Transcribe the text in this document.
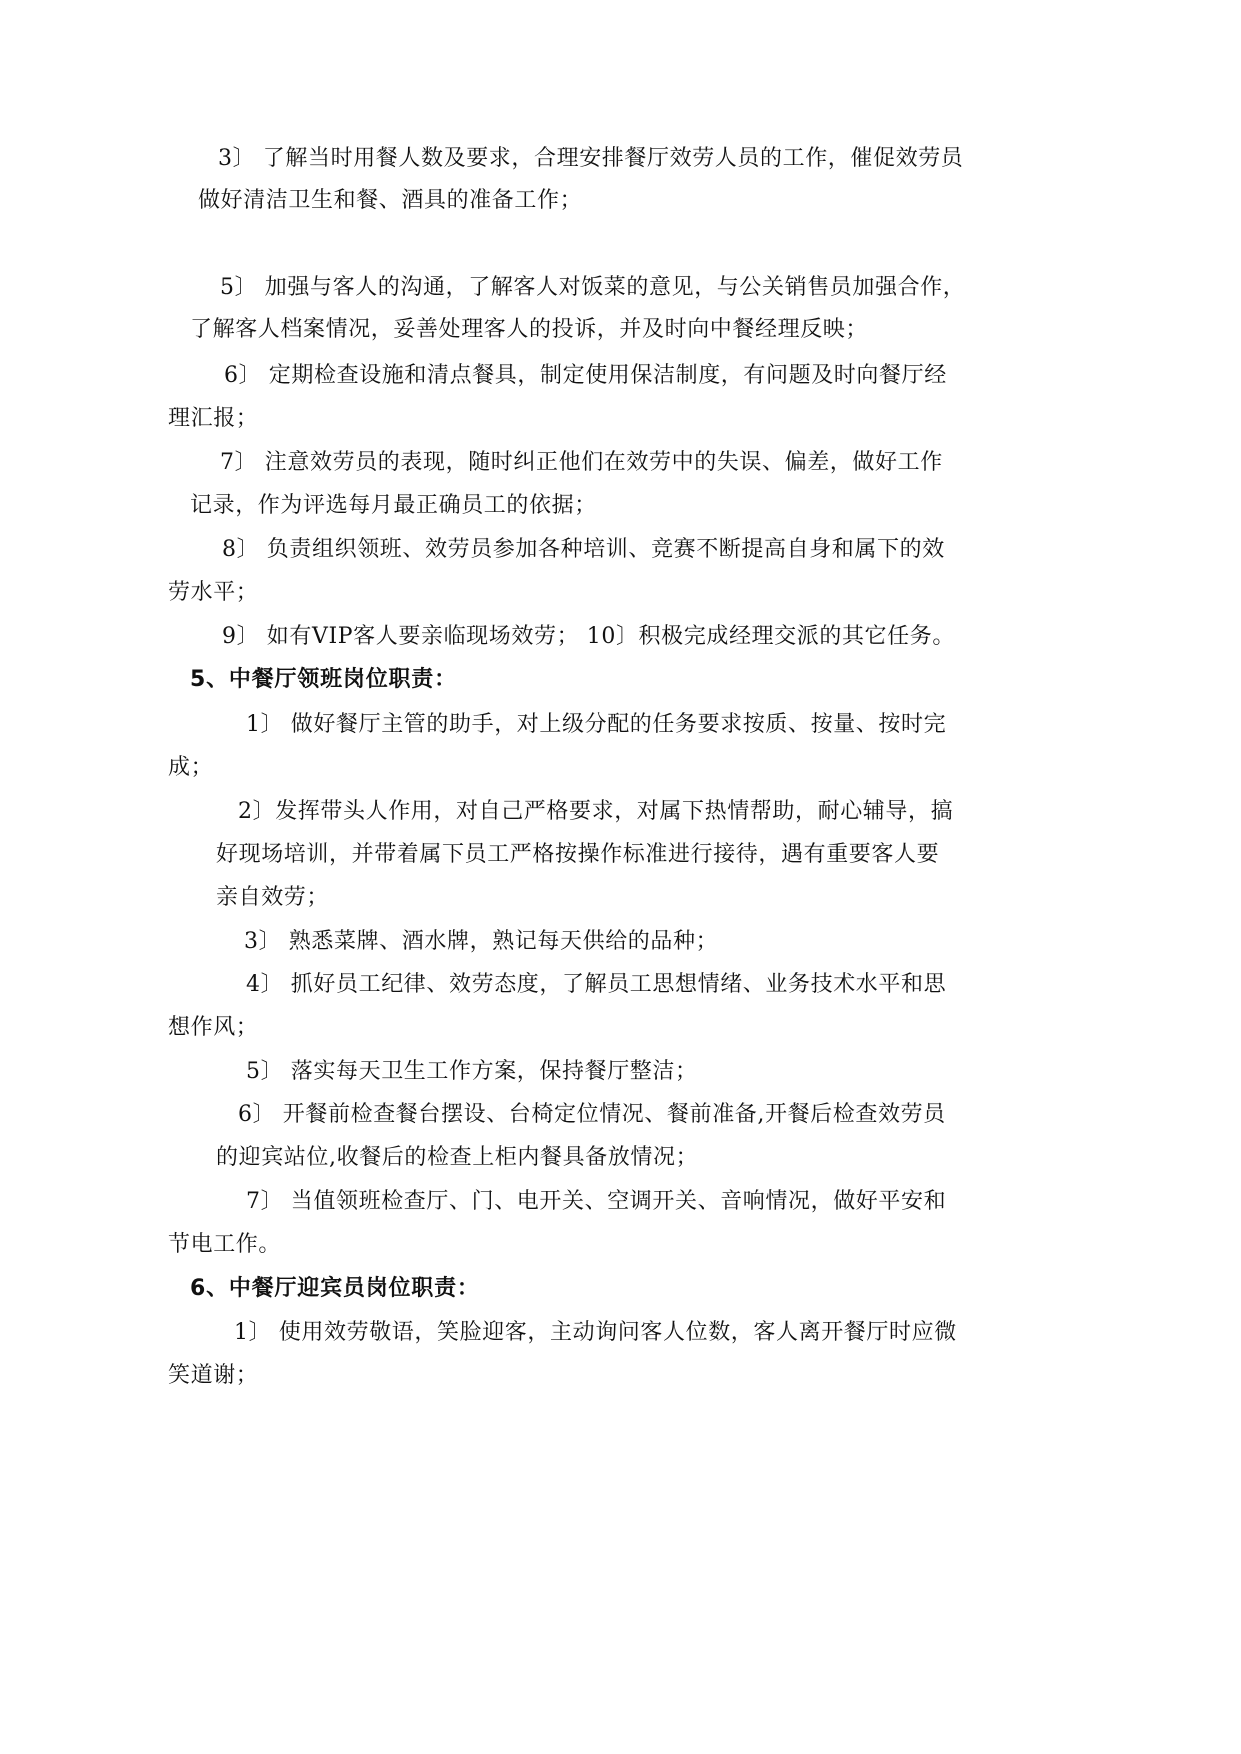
3〕 了解当时用餐人数及要求，合理安排餐厅效劳人员的工作，催促效劳员
做好清洁卫生和餐、酒具的准备工作；
5〕 加强与客人的沟通，了解客人对饭菜的意见，与公关销售员加强合作，
了解客人档案情况，妥善处理客人的投诉，并及时向中餐经理反映；
6〕 定期检查设施和清点餐具，制定使用保洁制度，有问题及时向餐厅经
理汇报；
7〕 注意效劳员的表现，随时纠正他们在效劳中的失误、偏差，做好工作
记录，作为评选每月最正确员工的依据；
8〕 负责组织领班、效劳员参加各种培训、竞赛不断提高自身和属下的效
劳水平；
9〕 如有VIP客人要亲临现场效劳； 10〕积极完成经理交派的其它任务。
5、中餐厅领班岗位职责：
1〕 做好餐厅主管的助手，对上级分配的任务要求按质、按量、按时完
成；
2〕发挥带头人作用，对自己严格要求，对属下热情帮助，耐心辅导，搞
好现场培训，并带着属下员工严格按操作标准进行接待，遇有重要客人要
亲自效劳；
3〕 熟悉菜牌、酒水牌，熟记每天供给的品种；
4〕 抓好员工纪律、效劳态度，了解员工思想情绪、业务技术水平和思
想作风；
5〕 落实每天卫生工作方案，保持餐厅整洁；
6〕 开餐前检查餐台摆设、台椅定位情况、餐前准备,开餐后检查效劳员
的迎宾站位,收餐后的检查上柜内餐具备放情况；
7〕 当值领班检查厅、门、电开关、空调开关、音响情况，做好平安和
节电工作。
6、中餐厅迎宾员岗位职责：
1〕 使用效劳敬语，笑脸迎客，主动询问客人位数，客人离开餐厅时应微
笑道谢；
